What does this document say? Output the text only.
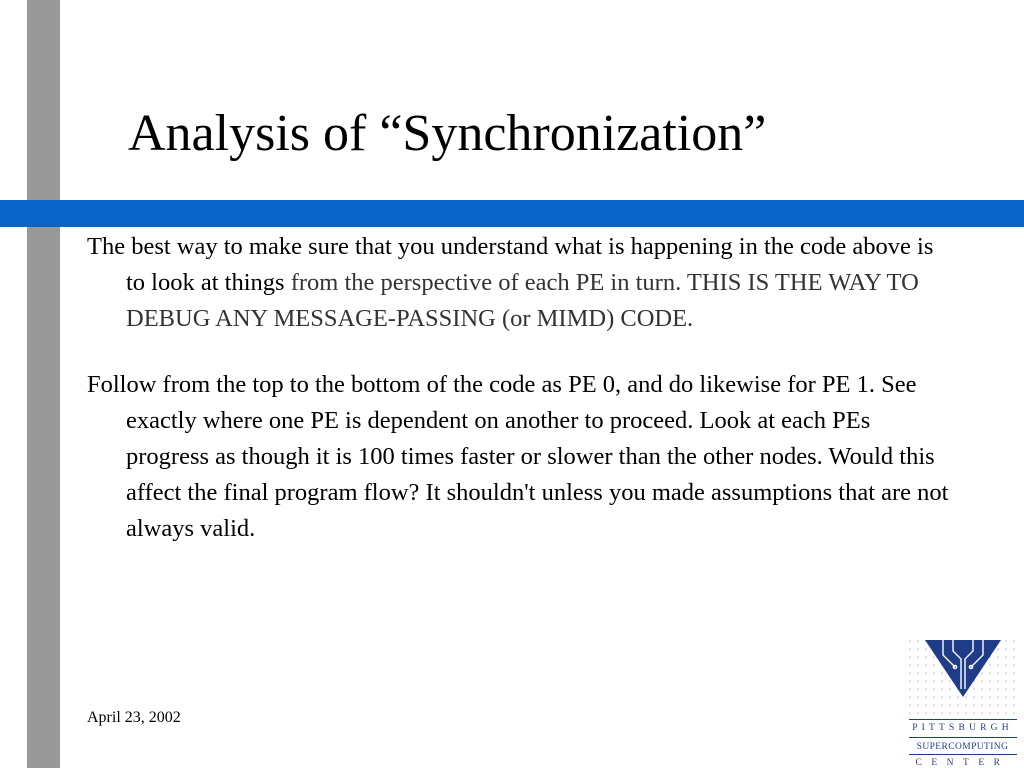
Analysis of “Synchronization”

The best way to make sure that you understand what is happening in the code above is to look at things from the perspective of each PE in turn. THIS IS THE WAY TO DEBUG ANY MESSAGE-PASSING (or MIMD) CODE.

Follow from the top to the bottom of the code as PE 0, and do likewise for PE 1. See exactly where one PE is dependent on another to proceed. Look at each PEs progress as though it is 100 times faster or slower than the other nodes. Would this affect the final program flow? It shouldn't unless you made assumptions that are not always valid.

April 23, 2002
PITTSBURGH
SUPERCOMPUTING
CENTER
